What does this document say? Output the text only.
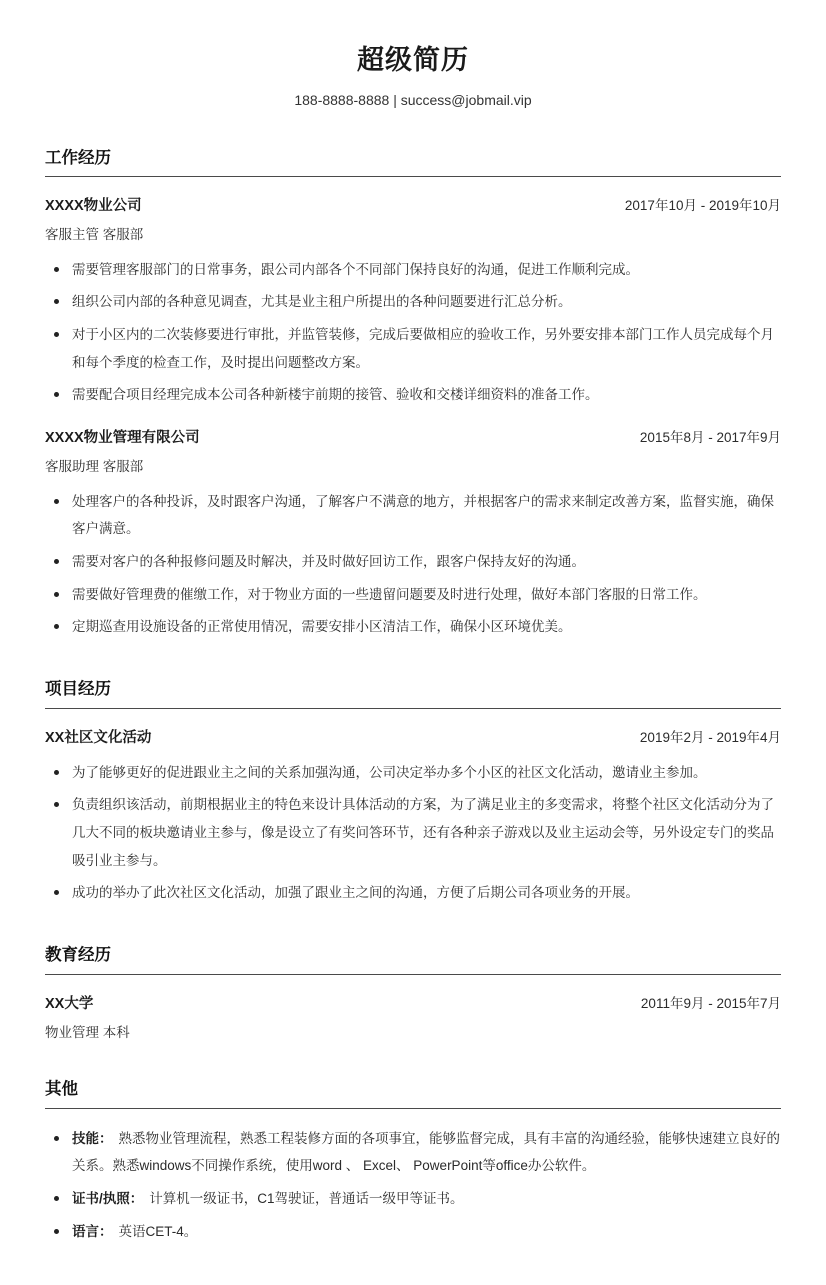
超级简历
188-8888-8888 | success@jobmail.vip
工作经历
XXXX物业公司	2017年10月 - 2019年10月
客服主管 客服部
需要管理客服部门的日常事务，跟公司内部各个不同部门保持良好的沟通，促进工作顺利完成。
组织公司内部的各种意见调查，尤其是业主租户所提出的各种问题要进行汇总分析。
对于小区内的二次装修要进行审批，并监管装修，完成后要做相应的验收工作，另外要安排本部门工作人员完成每个月和每个季度的检查工作，及时提出问题整改方案。
需要配合项目经理完成本公司各种新楼宇前期的接管、验收和交楼详细资料的准备工作。
XXXX物业管理有限公司	2015年8月 - 2017年9月
客服助理 客服部
处理客户的各种投诉，及时跟客户沟通，了解客户不满意的地方，并根据客户的需求来制定改善方案，监督实施，确保客户满意。
需要对客户的各种报修问题及时解决，并及时做好回访工作，跟客户保持友好的沟通。
需要做好管理费的催缴工作，对于物业方面的一些遗留问题要及时进行处理，做好本部门客服的日常工作。
定期巡查用设施设备的正常使用情况，需要安排小区清洁工作，确保小区环境优美。
项目经历
XX社区文化活动	2019年2月 - 2019年4月
为了能够更好的促进跟业主之间的关系加强沟通，公司决定举办多个小区的社区文化活动，邀请业主参加。
负责组织该活动，前期根据业主的特色来设计具体活动的方案，为了满足业主的多变需求，将整个社区文化活动分为了几大不同的板块邀请业主参与，像是设立了有奖问答环节，还有各种亲子游戏以及业主运动会等，另外设定专门的奖品吸引业主参与。
成功的举办了此次社区文化活动，加强了跟业主之间的沟通，方便了后期公司各项业务的开展。
教育经历
XX大学	2011年9月 - 2015年7月
物业管理 本科
其他
技能： 熟悉物业管理流程，熟悉工程装修方面的各项事宜，能够监督完成，具有丰富的沟通经验，能够快速建立良好的关系。熟悉windows不同操作系统，使用word 、 Excel、 PowerPoint等office办公软件。
证书/执照： 计算机一级证书，C1驾驶证，普通话一级甲等证书。
语言： 英语CET-4。
